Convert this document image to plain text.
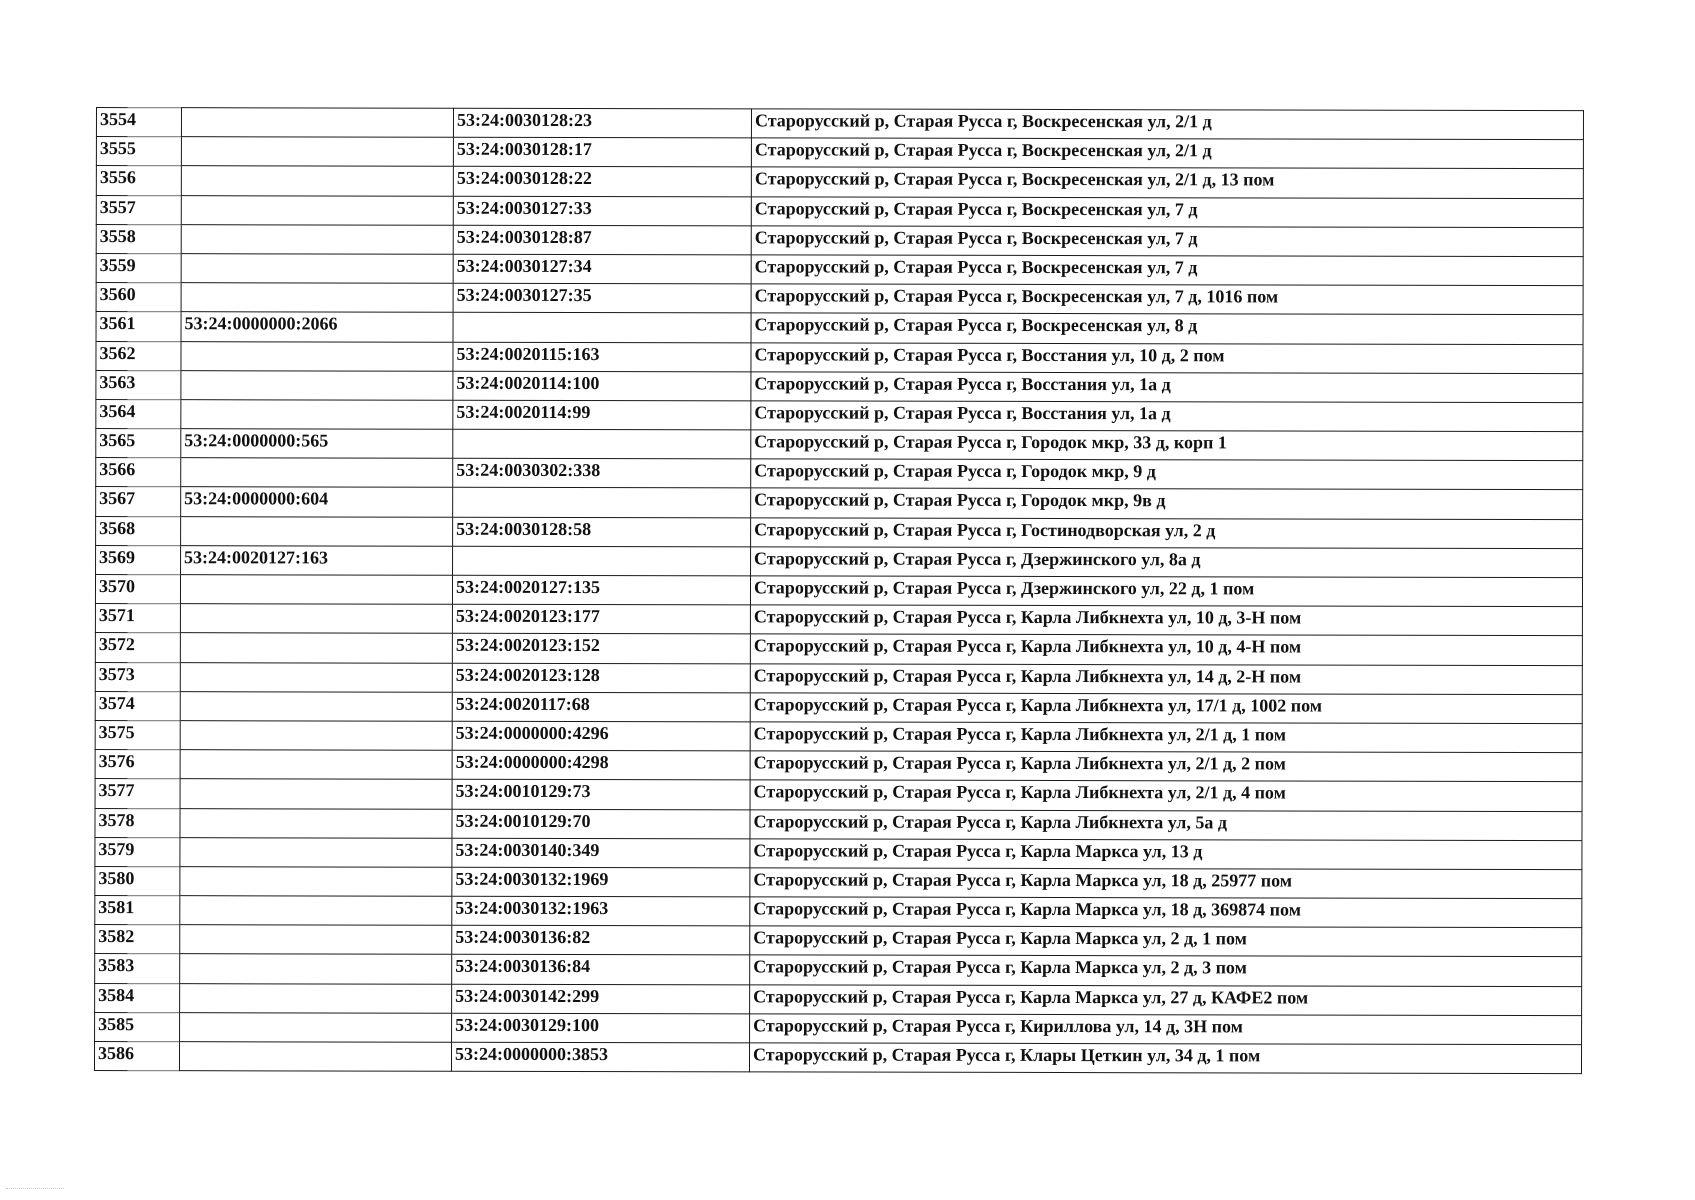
3554		53:24:0030128:23	Старорусский р, Старая Русса г, Воскресенская ул, 2/1 д
3555		53:24:0030128:17	Старорусский р, Старая Русса г, Воскресенская ул, 2/1 д
3556		53:24:0030128:22	Старорусский р, Старая Русса г, Воскресенская ул, 2/1 д, 13 пом
3557		53:24:0030127:33	Старорусский р, Старая Русса г, Воскресенская ул, 7 д
3558		53:24:0030128:87	Старорусский р, Старая Русса г, Воскресенская ул, 7 д
3559		53:24:0030127:34	Старорусский р, Старая Русса г, Воскресенская ул, 7 д
3560		53:24:0030127:35	Старорусский р, Старая Русса г, Воскресенская ул, 7 д, 1016 пом
3561	53:24:0000000:2066		Старорусский р, Старая Русса г, Воскресенская ул, 8 д
3562		53:24:0020115:163	Старорусский р, Старая Русса г, Восстания ул, 10 д, 2 пом
3563		53:24:0020114:100	Старорусский р, Старая Русса г, Восстания ул, 1а д
3564		53:24:0020114:99	Старорусский р, Старая Русса г, Восстания ул, 1а д
3565	53:24:0000000:565		Старорусский р, Старая Русса г, Городок мкр, 33 д, корп 1
3566		53:24:0030302:338	Старорусский р, Старая Русса г, Городок мкр, 9 д
3567	53:24:0000000:604		Старорусский р, Старая Русса г, Городок мкр, 9в д
3568		53:24:0030128:58	Старорусский р, Старая Русса г, Гостинодворская ул, 2 д
3569	53:24:0020127:163		Старорусский р, Старая Русса г, Дзержинского ул, 8а д
3570		53:24:0020127:135	Старорусский р, Старая Русса г, Дзержинского ул, 22 д, 1 пом
3571		53:24:0020123:177	Старорусский р, Старая Русса г, Карла Либкнехта ул, 10 д, 3-Н пом
3572		53:24:0020123:152	Старорусский р, Старая Русса г, Карла Либкнехта ул, 10 д, 4-Н пом
3573		53:24:0020123:128	Старорусский р, Старая Русса г, Карла Либкнехта ул, 14 д, 2-Н пом
3574		53:24:0020117:68	Старорусский р, Старая Русса г, Карла Либкнехта ул, 17/1 д, 1002 пом
3575		53:24:0000000:4296	Старорусский р, Старая Русса г, Карла Либкнехта ул, 2/1 д, 1 пом
3576		53:24:0000000:4298	Старорусский р, Старая Русса г, Карла Либкнехта ул, 2/1 д, 2 пом
3577		53:24:0010129:73	Старорусский р, Старая Русса г, Карла Либкнехта ул, 2/1 д, 4 пом
3578		53:24:0010129:70	Старорусский р, Старая Русса г, Карла Либкнехта ул, 5а д
3579		53:24:0030140:349	Старорусский р, Старая Русса г, Карла Маркса ул, 13 д
3580		53:24:0030132:1969	Старорусский р, Старая Русса г, Карла Маркса ул, 18 д, 25977 пом
3581		53:24:0030132:1963	Старорусский р, Старая Русса г, Карла Маркса ул, 18 д, 369874 пом
3582		53:24:0030136:82	Старорусский р, Старая Русса г, Карла Маркса ул, 2 д, 1 пом
3583		53:24:0030136:84	Старорусский р, Старая Русса г, Карла Маркса ул, 2 д, 3 пом
3584		53:24:0030142:299	Старорусский р, Старая Русса г, Карла Маркса ул, 27 д, КАФЕ2 пом
3585		53:24:0030129:100	Старорусский р, Старая Русса г, Кириллова ул, 14 д, 3Н пом
3586		53:24:0000000:3853	Старорусский р, Старая Русса г, Клары Цеткин ул, 34 д, 1 пом
